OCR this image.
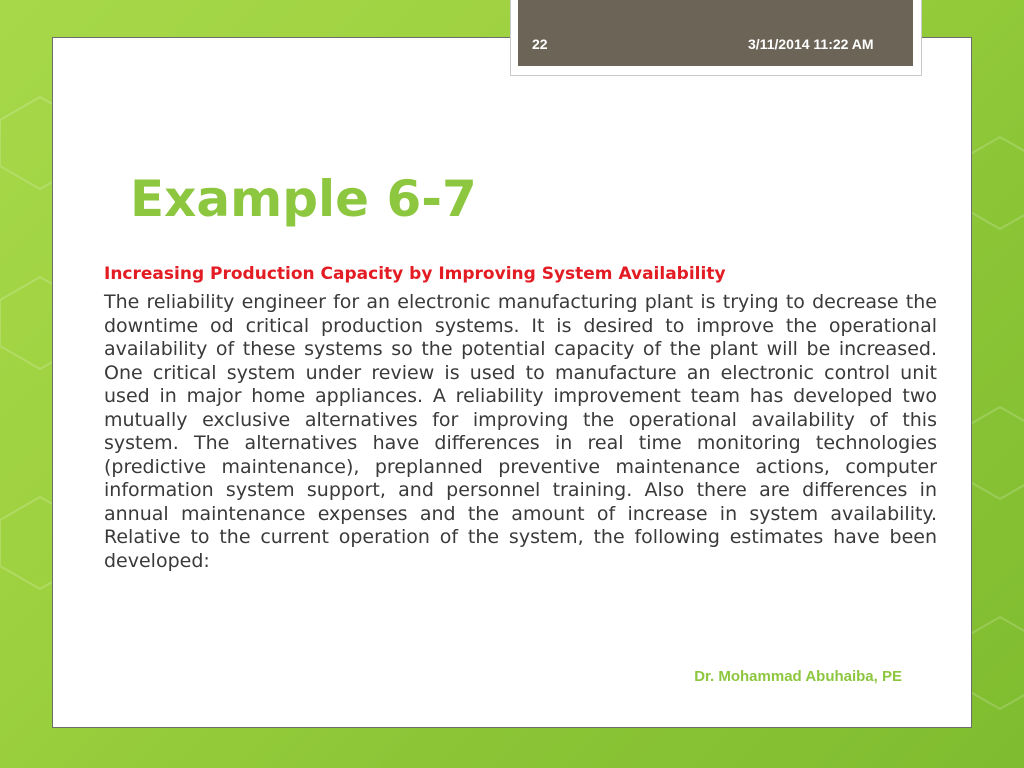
22	3/11/2014 11:22 AM
Example 6-7
Increasing Production Capacity by Improving System Availability

The reliability engineer for an electronic manufacturing plant is trying to decrease the downtime od critical production systems. It is desired to improve the operational availability of these systems so the potential capacity of the plant will be increased. One critical system under review is used to manufacture an electronic control unit used in major home appliances. A reliability improvement team has developed two mutually exclusive alternatives for improving the operational availability of this system. The alternatives have differences in real time monitoring technologies (predictive maintenance), preplanned preventive maintenance actions, computer information system support, and personnel training. Also there are differences in annual maintenance expenses and the amount of increase in system availability. Relative to the current operation of the system, the following estimates have been developed:

Dr. Mohammad Abuhaiba, PE
